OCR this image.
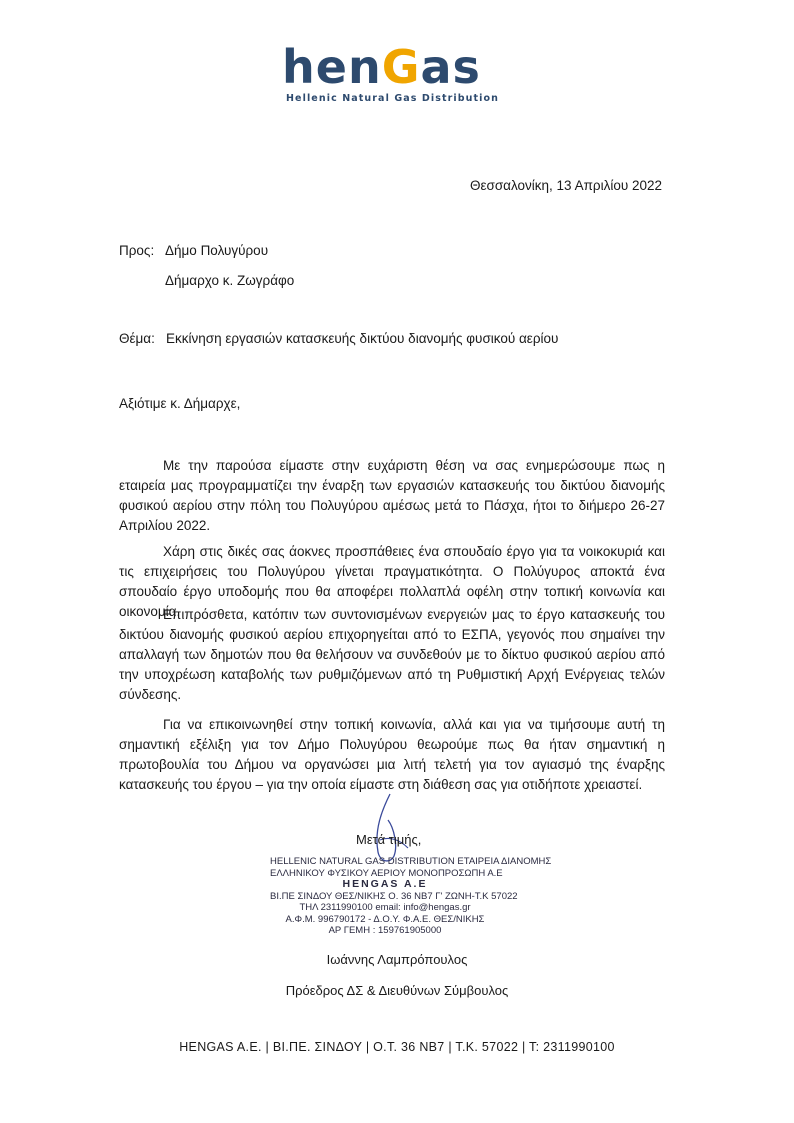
henGas
Hellenic Natural Gas Distribution
Θεσσαλονίκη, 13 Απριλίου 2022
Προς: Δήμο Πολυγύρου
Δήμαρχο κ. Ζωγράφο
Θέμα: Εκκίνηση εργασιών κατασκευής δικτύου διανομής φυσικού αερίου
Αξιότιμε κ. Δήμαρχε,

Με την παρούσα είμαστε στην ευχάριστη θέση να σας ενημερώσουμε πως η εταιρεία μας προγραμματίζει την έναρξη των εργασιών κατασκευής του δικτύου διανομής φυσικού αερίου στην πόλη του Πολυγύρου αμέσως μετά το Πάσχα, ήτοι το διήμερο 26-27 Απριλίου 2022.

Χάρη στις δικές σας άοκνες προσπάθειες ένα σπουδαίο έργο για τα νοικοκυριά και τις επιχειρήσεις του Πολυγύρου γίνεται πραγματικότητα. Ο Πολύγυρος αποκτά ένα σπουδαίο έργο υποδομής που θα αποφέρει πολλαπλά οφέλη στην τοπική κοινωνία και οικονομία.

Επιπρόσθετα, κατόπιν των συντονισμένων ενεργειών μας το έργο κατασκευής του δικτύου διανομής φυσικού αερίου επιχορηγείται από το ΕΣΠΑ, γεγονός που σημαίνει την απαλλαγή των δημοτών που θα θελήσουν να συνδεθούν με το δίκτυο φυσικού αερίου από την υποχρέωση καταβολής των ρυθμιζόμενων από τη Ρυθμιστική Αρχή Ενέργειας τελών σύνδεσης.

Για να επικοινωνηθεί στην τοπική κοινωνία, αλλά και για να τιμήσουμε αυτή τη σημαντική εξέλιξη για τον Δήμο Πολυγύρου θεωρούμε πως θα ήταν σημαντική η πρωτοβουλία του Δήμου να οργανώσει μια λιτή τελετή για τον αγιασμό της έναρξης κατασκευής του έργου – για την οποία είμαστε στη διάθεση σας για οτιδήποτε χρειαστεί.

Μετά τιμής,
HELLENIC NATURAL GAS DISTRIBUTION ΕΤΑΙΡΕΙΑ ΔΙΑΝΟΜΗΣ
ΕΛΛΗΝΙΚΟΥ ΦΥΣΙΚΟΥ ΑΕΡΙΟΥ ΜΟΝΟΠΡΟΣΩΠΗ Α.Ε
HENGAS A.E
ΒΙ.ΠΕ ΣΙΝΔΟΥ ΘΕΣ/ΝΙΚΗΣ Ο. 36 ΝΒ7 Γ' ΖΩΝΗ-Τ.Κ 57022
ΤΗΛ 2311990100 email: info@hengas.gr
Α.Φ.Μ. 996790172 - Δ.Ο.Υ. Φ.Α.Ε. ΘΕΣ/ΝΙΚΗΣ
ΑΡ ΓΕΜΗ : 159761905000
Ιωάννης Λαμπρόπουλος
Πρόεδρος ΔΣ & Διευθύνων Σύμβουλος
HENGAS A.E. | ΒΙ.ΠΕ. ΣΙΝΔΟΥ | Ο.Τ. 36 ΝΒ7 | Τ.Κ. 57022 | Τ: 2311990100
